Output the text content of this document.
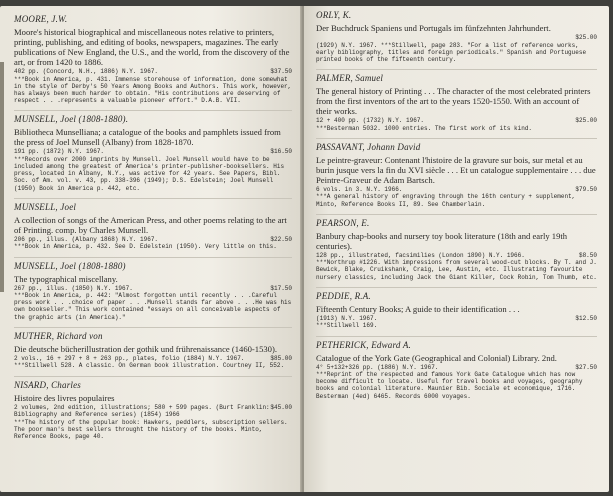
MOORE, J.W.
Moore's historical biographical and miscellaneous notes relative to printers, printing, publishing, and editing of books, newspapers, magazines. The early publications of New England, the U.S., and the world, from the discovery of the art, or from 1420 to 1886.
402 pp. (Concord, N.H., 1886) N.Y. 1967.	$37.50
***Book in America, p. 431. Immense storehouse of information, done somewhat in the style of Derby's 50 Years Among Books and Authors. This work, however, has always been much harder to obtain. "His contributions are deserving of respect . . .represents a valuable pioneer effort." D.A.B. VII.
MUNSELL, Joel (1808-1880).
Bibliotheca Munselliana; a catalogue of the books and pamphlets issued from the press of Joel Munsell (Albany) from 1828-1870.
191 pp. (1872) N.Y. 1967.	$16.50
***Records over 2000 imprints by Munsell. Joel Munsell would have to be included among the greatest of America's printer-publisher-booksellers. His press, located in Albany, N.Y., was active for 42 years. See Papers, Bibl. Soc. of Am. vol. v. 43, pp. 338-396 (1949); D.S. Edelstein; Joel Munsell (1950) Book in America p. 442, etc.
MUNSELL, Joel
A collection of songs of the American Press, and other poems relating to the art of Printing. comp. by Charles Munsell.
206 pp., illus. (Albany 1868) N.Y. 1967.	$22.50
***Book in America, p. 432. See D. Edelstein (1950). Very little on this.
MUNSELL, Joel (1808-1880)
The typographical miscellany.
267 pp., illus. (1850) N.Y. 1967.	$17.50
***Book in America, p. 442: "Almost forgotten until recently . . .Careful press work . . .choice of paper . . .Munsell stands far above . . .He was his own bookseller." This work contained "essays on all conceivable aspects of the graphic arts (in America)."
MUTHER, Richard von
Die deutsche bücherillustration der gothik und frührenaissance (1460-1530).
2 vols., 16 + 297 + 8 + 263 pp., plates, folio (1884) N.Y. 1967.	$85.00
***Stillwell 528. A classic. On German book illustration. Courtney II, 552.
NISARD, Charles
Histoire des livres populaires
2 volumes, 2nd edition, illustrations; 580 + 599 pages. (Burt Franklin: Bibliography and Reference series) (1854) 1966
$45.00
***The history of the popular book: Hawkers, peddlers, subscription sellers. The poor man's best sellers throught the history of the books. Minto, Reference Books, page 40.
ORLY, K.
Der Buchdruck Spaniens und Portugals im fünfzehnten Jahrhundert.
$25.00
(1929) N.Y. 1967. ***Stillwell, page 283. "For a list of reference works, early bibliography, titles and foreign periodicals." Spanish and Portuguese printed books of the fifteenth century.
PALMER, Samuel
The general history of Printing . . . The character of the most celebrated printers from the first inventors of the art to the years 1520-1550. With an account of their works.
12 + 400 pp. (1732) N.Y. 1967.	$25.00
***Besterman 5032. 1000 entries. The first work of its kind.
PASSAVANT, Johann David
Le peintre-graveur: Contenant l'histoire de la gravure sur bois, sur metal et au burin jusque vers la fin du XVI siècle . . . Et un catalogue supplementaire . . . due Peintre-Graveur de Adam Bartsch.
6 vols. in 3. N.Y. 1966.	$79.50
***A general history of engraving through the 16th century + supplement, Minto, Reference Books II, 89. See Chamberlain.
PEARSON, E.
Banbury chap-books and nursery toy book literature (18th and early 19th centuries).
128 pp., illustrated, facsimilies (London 1890) N.Y. 1966.	$8.50
***Northrup #1226. With impressions from several wood-cut blocks. By T. and J. Bewick, Blake, Cruikshank, Craig, Lee, Austin, etc. Illustrating favourite nursery classics, including Jack the Giant Killer, Cock Robin, Tom Thumb, etc.
PEDDIE, R.A.
Fifteenth Century Books; A guide to their identification . . .
(1913) N.Y. 1967.	$12.50
***Stillwell 169.
PETHERICK, Edward A.
Catalogue of the York Gate (Geographical and Colonial) Library. 2nd.
4° 5+132+326 pp. (1886) N.Y. 1967.	$27.50
***Reprint of the respected and famous York Gate Catalogue which has now become difficult to locate. Useful for travel books and voyages, geography books and colonial literature. Maunier Bib. Sociale et economique, 1716. Besterman (4ed) 6465. Records 6000 voyages.
